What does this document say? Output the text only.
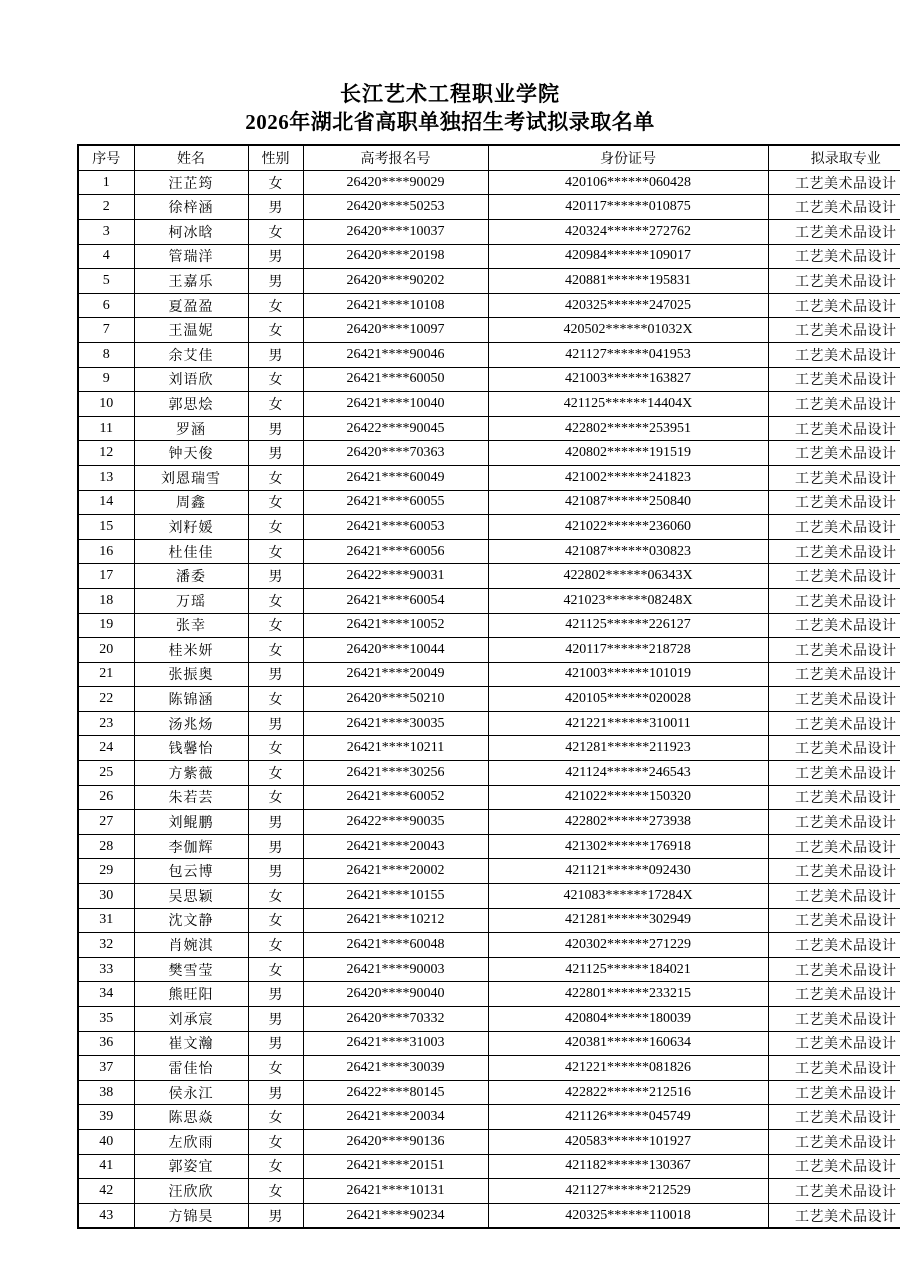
长江艺术工程职业学院
2026年湖北省高职单独招生考试拟录取名单
序号	姓名	性别	高考报名号	身份证号	拟录取专业
1	汪芷筠	女	26420****90029	420106******060428	工艺美术品设计
2	徐梓涵	男	26420****50253	420117******010875	工艺美术品设计
3	柯冰晗	女	26420****10037	420324******272762	工艺美术品设计
4	管瑞洋	男	26420****20198	420984******109017	工艺美术品设计
5	王嘉乐	男	26420****90202	420881******195831	工艺美术品设计
6	夏盈盈	女	26421****10108	420325******247025	工艺美术品设计
7	王温妮	女	26420****10097	420502******01032X	工艺美术品设计
8	余艾佳	男	26421****90046	421127******041953	工艺美术品设计
9	刘语欣	女	26421****60050	421003******163827	工艺美术品设计
10	郭思烩	女	26421****10040	421125******14404X	工艺美术品设计
11	罗涵	男	26422****90045	422802******253951	工艺美术品设计
12	钟天俊	男	26420****70363	420802******191519	工艺美术品设计
13	刘恩瑞雪	女	26421****60049	421002******241823	工艺美术品设计
14	周鑫	女	26421****60055	421087******250840	工艺美术品设计
15	刘籽媛	女	26421****60053	421022******236060	工艺美术品设计
16	杜佳佳	女	26421****60056	421087******030823	工艺美术品设计
17	潘委	男	26422****90031	422802******06343X	工艺美术品设计
18	万瑶	女	26421****60054	421023******08248X	工艺美术品设计
19	张幸	女	26421****10052	421125******226127	工艺美术品设计
20	桂米妍	女	26420****10044	420117******218728	工艺美术品设计
21	张振奥	男	26421****20049	421003******101019	工艺美术品设计
22	陈锦涵	女	26420****50210	420105******020028	工艺美术品设计
23	汤兆炀	男	26421****30035	421221******310011	工艺美术品设计
24	钱馨怡	女	26421****10211	421281******211923	工艺美术品设计
25	方紫薇	女	26421****30256	421124******246543	工艺美术品设计
26	朱若芸	女	26421****60052	421022******150320	工艺美术品设计
27	刘鲲鹏	男	26422****90035	422802******273938	工艺美术品设计
28	李伽辉	男	26421****20043	421302******176918	工艺美术品设计
29	包云博	男	26421****20002	421121******092430	工艺美术品设计
30	吴思颖	女	26421****10155	421083******17284X	工艺美术品设计
31	沈文静	女	26421****10212	421281******302949	工艺美术品设计
32	肖婉淇	女	26421****60048	420302******271229	工艺美术品设计
33	樊雪莹	女	26421****90003	421125******184021	工艺美术品设计
34	熊旺阳	男	26420****90040	422801******233215	工艺美术品设计
35	刘承宸	男	26420****70332	420804******180039	工艺美术品设计
36	崔文瀚	男	26421****31003	420381******160634	工艺美术品设计
37	雷佳怡	女	26421****30039	421221******081826	工艺美术品设计
38	侯永江	男	26422****80145	422822******212516	工艺美术品设计
39	陈思焱	女	26421****20034	421126******045749	工艺美术品设计
40	左欣雨	女	26420****90136	420583******101927	工艺美术品设计
41	郭姿宜	女	26421****20151	421182******130367	工艺美术品设计
42	汪欣欣	女	26421****10131	421127******212529	工艺美术品设计
43	方锦昊	男	26421****90234	420325******110018	工艺美术品设计
